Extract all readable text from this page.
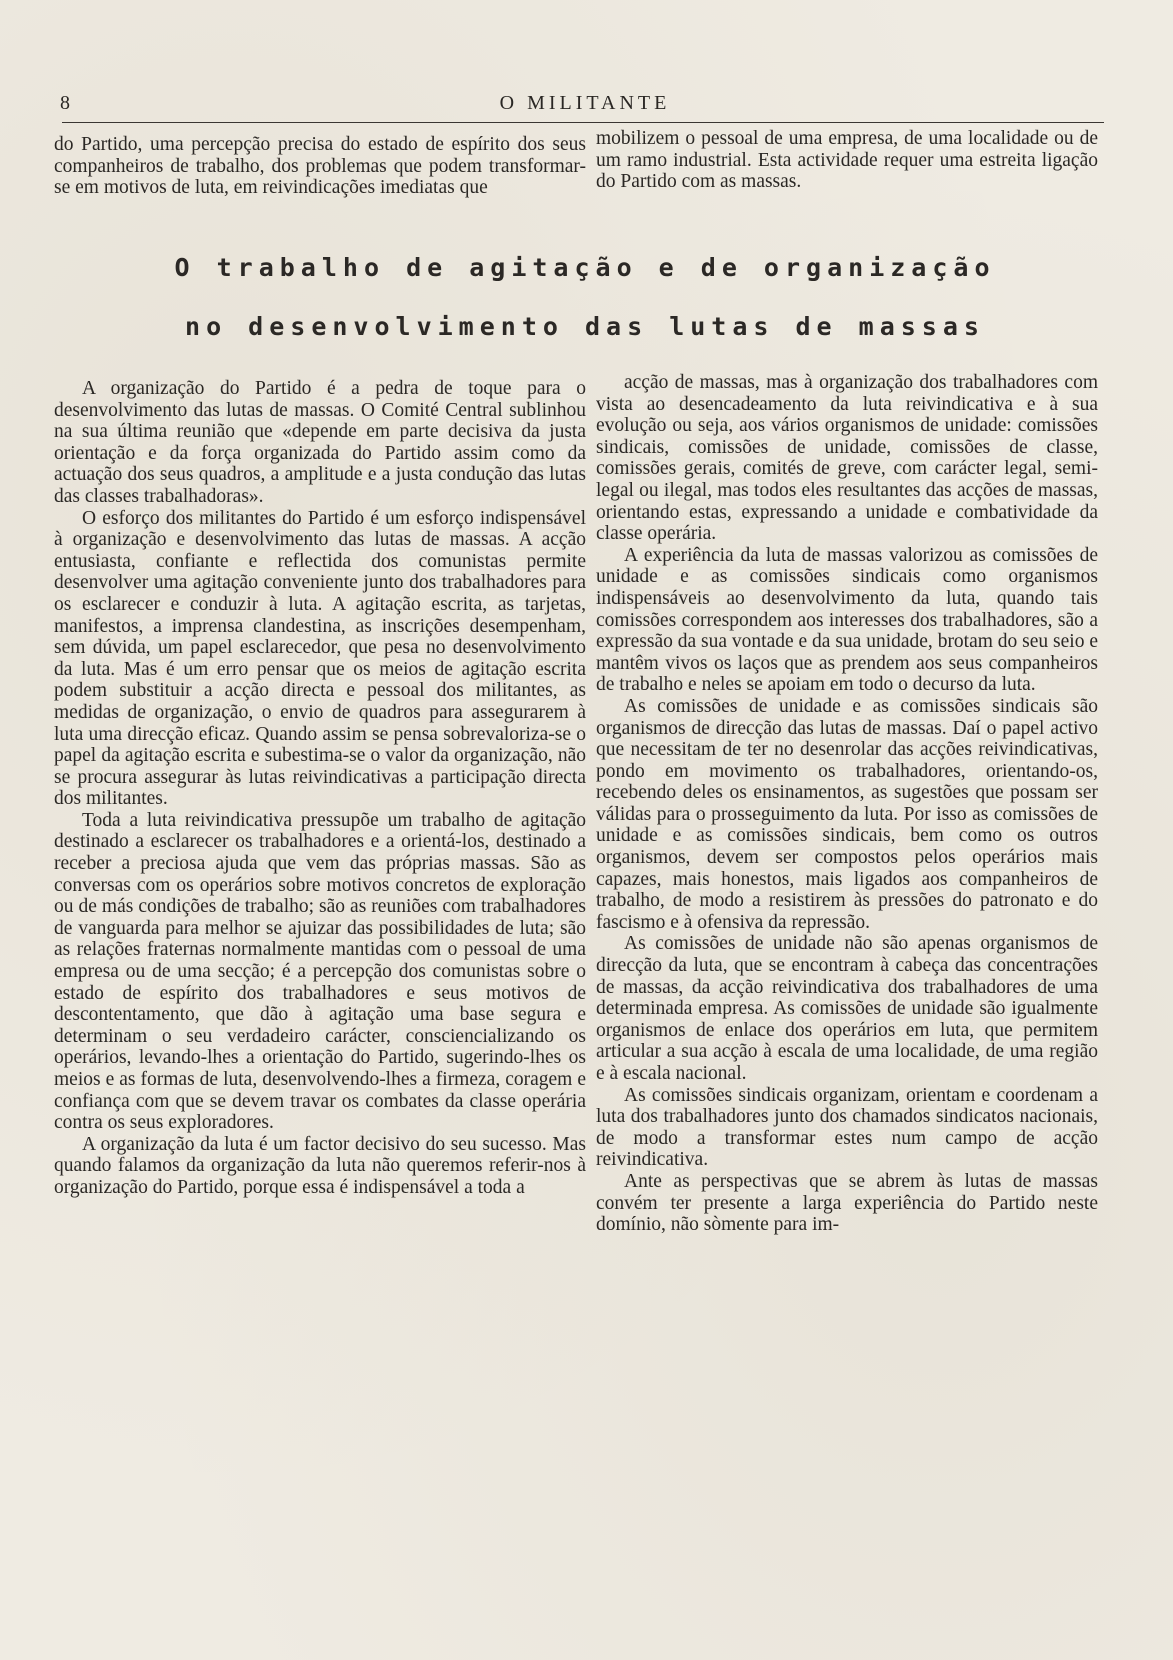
8	O MILITANTE

do Partido, uma percepção precisa do estado de espírito dos seus companheiros de trabalho, dos problemas que podem transformar-se em motivos de luta, em reivindicações imediatas que

mobilizem o pessoal de uma empresa, de uma localidade ou de um ramo industrial. Esta actividade requer uma estreita ligação do Partido com as massas.

O trabalho de agitação e de organização
no desenvolvimento das lutas de massas

A organização do Partido é a pedra de toque para o desenvolvimento das lutas de massas. O Comité Central sublinhou na sua última reunião que «depende em parte decisiva da justa orientação e da força organizada do Partido assim como da actuação dos seus quadros, a amplitude e a justa condução das lutas das classes trabalhadoras».

O esforço dos militantes do Partido é um esforço indispensável à organização e desenvolvimento das lutas de massas. A acção entusiasta, confiante e reflectida dos comunistas permite desenvolver uma agitação conveniente junto dos trabalhadores para os esclarecer e conduzir à luta. A agitação escrita, as tarjetas, manifestos, a imprensa clandestina, as inscrições desempenham, sem dúvida, um papel esclarecedor, que pesa no desenvolvimento da luta. Mas é um erro pensar que os meios de agitação escrita podem substituir a acção directa e pessoal dos militantes, as medidas de organização, o envio de quadros para assegurarem à luta uma direcção eficaz. Quando assim se pensa sobrevaloriza-se o papel da agitação escrita e subestima-se o valor da organização, não se procura assegurar às lutas reivindicativas a participação directa dos militantes.

Toda a luta reivindicativa pressupõe um trabalho de agitação destinado a esclarecer os trabalhadores e a orientá-los, destinado a receber a preciosa ajuda que vem das próprias massas. São as conversas com os operários sobre motivos concretos de exploração ou de más condições de trabalho; são as reuniões com trabalhadores de vanguarda para melhor se ajuizar das possibilidades de luta; são as relações fraternas normalmente mantidas com o pessoal de uma empresa ou de uma secção; é a percepção dos comunistas sobre o estado de espírito dos trabalhadores e seus motivos de descontentamento, que dão à agitação uma base segura e determinam o seu verdadeiro carácter, consciencializando os operários, levando-lhes a orientação do Partido, sugerindo-lhes os meios e as formas de luta, desenvolvendo-lhes a firmeza, coragem e confiança com que se devem travar os combates da classe operária contra os seus exploradores.

A organização da luta é um factor decisivo do seu sucesso. Mas quando falamos da organização da luta não queremos referir-nos à organização do Partido, porque essa é indispensável a toda a

acção de massas, mas à organização dos trabalhadores com vista ao desencadeamento da luta reivindicativa e à sua evolução ou seja, aos vários organismos de unidade: comissões sindicais, comissões de unidade, comissões de classe, comissões gerais, comités de greve, com carácter legal, semi-legal ou ilegal, mas todos eles resultantes das acções de massas, orientando estas, expressando a unidade e combatividade da classe operária.

A experiência da luta de massas valorizou as comissões de unidade e as comissões sindicais como organismos indispensáveis ao desenvolvimento da luta, quando tais comissões correspondem aos interesses dos trabalhadores, são a expressão da sua vontade e da sua unidade, brotam do seu seio e mantêm vivos os laços que as prendem aos seus companheiros de trabalho e neles se apoiam em todo o decurso da luta.

As comissões de unidade e as comissões sindicais são organismos de direcção das lutas de massas. Daí o papel activo que necessitam de ter no desenrolar das acções reivindicativas, pondo em movimento os trabalhadores, orientando-os, recebendo deles os ensinamentos, as sugestões que possam ser válidas para o prosseguimento da luta. Por isso as comissões de unidade e as comissões sindicais, bem como os outros organismos, devem ser compostos pelos operários mais capazes, mais honestos, mais ligados aos companheiros de trabalho, de modo a resistirem às pressões do patronato e do fascismo e à ofensiva da repressão.

As comissões de unidade não são apenas organismos de direcção da luta, que se encontram à cabeça das concentrações de massas, da acção reivindicativa dos trabalhadores de uma determinada empresa. As comissões de unidade são igualmente organismos de enlace dos operários em luta, que permitem articular a sua acção à escala de uma localidade, de uma região e à escala nacional.

As comissões sindicais organizam, orientam e coordenam a luta dos trabalhadores junto dos chamados sindicatos nacionais, de modo a transformar estes num campo de acção reivindicativa.

Ante as perspectivas que se abrem às lutas de massas convém ter presente a larga experiência do Partido neste domínio, não sòmente para im-
